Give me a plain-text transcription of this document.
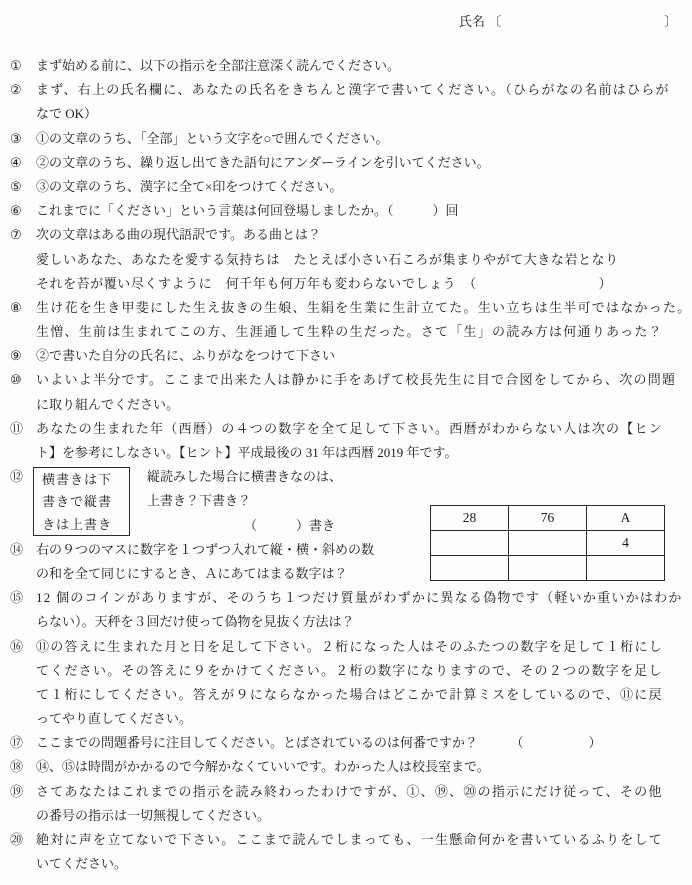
氏名 〔	〕
① まず始める前に、以下の指示を全部注意深く読んでください。
② まず、右上の氏名欄に、あなたの氏名をきちんと漢字で書いてください。（ひらがなの名前はひらが
なで OK）
③ ①の文章のうち、「全部」という文字を○で囲んでください。
④ ②の文章のうち、繰り返し出てきた語句にアンダーラインを引いてください。
⑤ ③の文章のうち、漢字に全て×印をつけてください。
⑥ これまでに「ください」という言葉は何回登場しましたか。（　　　）回
⑦ 次の文章はある曲の現代語訳です。ある曲とは？
愛しいあなた、あなたを愛する気持ちは　たとえば小さい石ころが集まりやがて大きな岩となり
それを苔が覆い尽くすように　何千年も何万年も変わらないでしょう　（　　　　　　　　　）
⑧ 生け花を生き甲斐にした生え抜きの生娘、生絹を生業に生計立てた。生い立ちは生半可ではなかった。
生憎、生前は生まれてこの方、生涯通して生粋の生だった。さて「生」の読み方は何通りあった？
⑨ ②で書いた自分の氏名に、ふりがなをつけて下さい
⑩ いよいよ半分です。ここまで出来た人は静かに手をあげて校長先生に目で合図をしてから、次の問題
に取り組んでください。
⑪ あなたの生まれた年（西暦）の４つの数字を全て足して下さい。西暦がわからない人は次の【ヒン
ト】を参考にしなさい。【ヒント】平成最後の 31 年は西暦 2019 年です。
⑫ 横書きは下
書きで縦書
きは上書き
縦読みした場合に横書きなのは、
上書き？下書き？
（　　　）書き
⑭ 右の９つのマスに数字を１つずつ入れて縦・横・斜めの数
の和を全て同じにするとき、Ａにあてはまる数字は？
⑮ 12 個のコインがありますが、そのうち１つだけ質量がわずかに異なる偽物です（軽いか重いかはわか
らない）。天秤を３回だけ使って偽物を見抜く方法は？
⑯ ⑪の答えに生まれた月と日を足して下さい。２桁になった人はそのふたつの数字を足して１桁にし
てください。その答えに９をかけてください。２桁の数字になりますので、その２つの数字を足し
て１桁にしてください。答えが９にならなかった場合はどこかで計算ミスをしているので、⑪に戻
ってやり直してください。
⑰ ここまでの問題番号に注目してください。とばされているのは何番ですか？　　　（　　　　　）
⑱ ⑭、⑮は時間がかかるので今解かなくていいです。わかった人は校長室まで。
⑲ さてあなたはこれまでの指示を読み終わったわけですが、①、⑲、⑳の指示にだけ従って、その他
の番号の指示は一切無視してください。
⑳ 絶対に声を立てないで下さい。ここまで読んでしまっても、一生懸命何かを書いているふりをして
いてください。
28	76	A
		4
